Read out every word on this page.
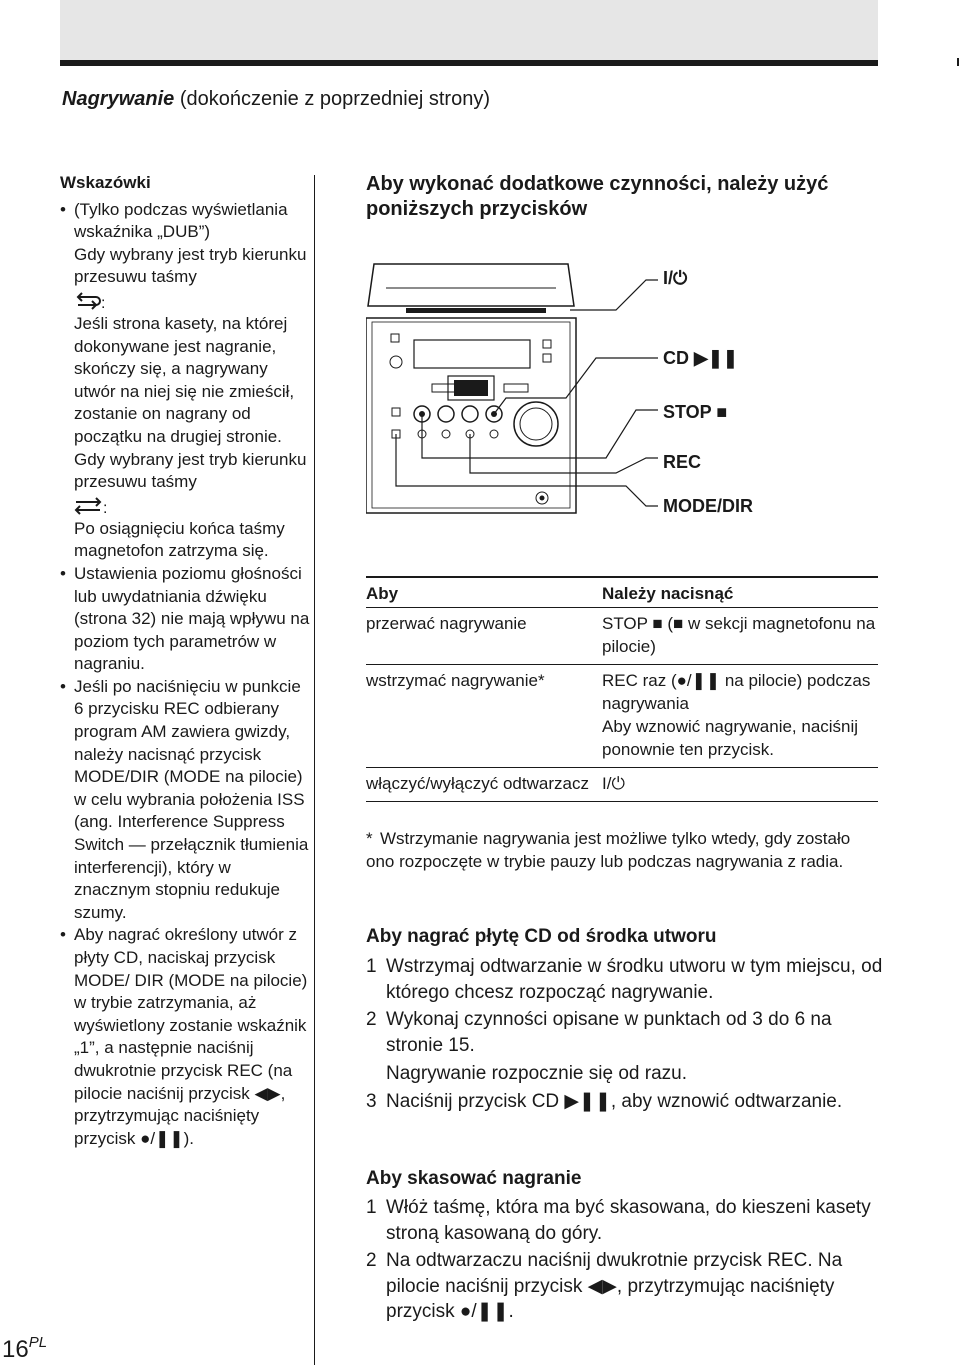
Nagrywanie (dokończenie z poprzedniej strony)
Wskazówki
• (Tylko podczas wyświetlania wskaźnika „DUB”)

Gdy wybrany jest tryb kierunku przesuwu taśmy

:

Jeśli strona kasety, na której dokonywane jest nagranie, skończy się, a nagrywany utwór na niej się nie zmieścił, zostanie on nagrany od początku na drugiej stronie.

Gdy wybrany jest tryb kierunku przesuwu taśmy

:

Po osiągnięciu końca taśmy magnetofon zatrzyma się.

• Ustawienia poziomu głośności lub uwydatniania dźwięku (strona 32) nie mają wpływu na poziom tych parametrów w nagraniu.

• Jeśli po naciśnięciu w punkcie 6 przycisku REC odbierany program AM zawiera gwizdy, należy nacisnąć przycisk MODE/DIR (MODE na pilocie) w celu wybrania położenia ISS (ang. Interference Suppress Switch — przełącznik tłumienia interferencji), który w znacznym stopniu redukuje szumy.

• Aby nagrać określony utwór z płyty CD, naciskaj przycisk MODE/ DIR (MODE na pilocie) w trybie zatrzymania, aż wyświetlony zostanie wskaźnik „1”, a następnie naciśnij dwukrotnie przycisk REC (na pilocie naciśnij przycisk ◀▶, przytrzymując naciśnięty przycisk ●/❚❚).

Aby wykonać dodatkowe czynności, należy użyć poniższych przycisków
I/⏻
CD ▶❚❚
STOP ■
REC
MODE/DIR
Aby	Należy nacisnąć
przerwać nagrywanie	STOP ■ (■ w sekcji magnetofonu na pilocie)
wstrzymać nagrywanie*	REC raz (●/❚❚ na pilocie) podczas nagrywania
Aby wznowić nagrywanie, naciśnij ponownie ten przycisk.
włączyć/wyłączyć odtwarzacz I/⏻
* Wstrzymanie nagrywania jest możliwe tylko wtedy, gdy zostało ono rozpoczęte w trybie pauzy lub podczas nagrywania z radia.
Aby nagrać płytę CD od środka utworu
1 Wstrzymaj odtwarzanie w środku utworu w tym miejscu, od którego chcesz rozpocząć nagrywanie.
2 Wykonaj czynności opisane w punktach od 3 do 6 na stronie 15.
Nagrywanie rozpocznie się od razu.
3 Naciśnij przycisk CD ▶❚❚, aby wznowić odtwarzanie.
Aby skasować nagranie
1 Włóż taśmę, która ma być skasowana, do kieszeni kasety stroną kasowaną do góry.
2 Na odtwarzaczu naciśnij dwukrotnie przycisk REC. Na pilocie naciśnij przycisk ◀▶, przytrzymując naciśnięty przycisk ●/❚❚.
$16^{PL}$
